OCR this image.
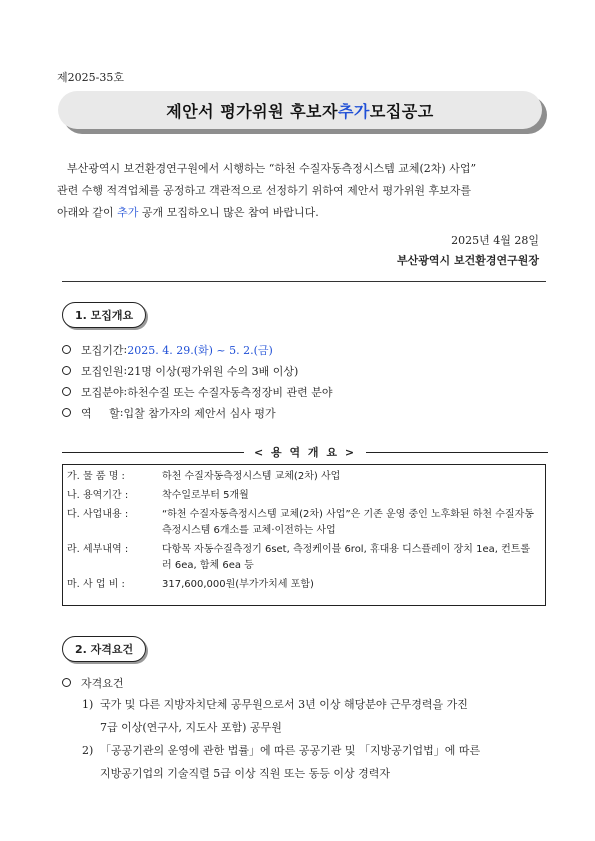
제2025-35호
제안서 평가위원 후보자 추가 모집공고
부산광역시 보건환경연구원에서 시행하는 “하천 수질자동측정시스템 교체(2차) 사업”
관련 수행 적격업체를 공정하고 객관적으로 선정하기 위하여 제안서 평가위원 후보자를
아래와 같이 추가 공개 모집하오니 많은 참여 바랍니다.
2025년 4월 28일
부산광역시 보건환경연구원장
1. 모집개요
모집기간 : 2025. 4. 29.(화) ~ 5. 2.(금)
모집인원 : 21명 이상(평가위원 수의 3배 이상)
모집분야 : 하천수질 또는 수질자동측정장비 관련 분야
역     할 : 입찰 참가자의 제안서 심사 평가
< 용 역 개 요 >
가. 물 품 명 :	하천 수질자동측정시스템 교체(2차) 사업
나. 용역기간 :	착수일로부터 5개월
다. 사업내용 :	“하천 수질자동측정시스템 교체(2차) 사업”은 기존 운영 중인 노후화된 하천 수질자동측정시스템 6개소를 교체·이전하는 사업
라. 세부내역 :	다항목 자동수질측정기 6set, 측정케이블 6rol, 휴대용 디스플레이 장치 1ea, 컨트롤러 6ea, 함체 6ea 등
마. 사 업 비 :	317,600,000원(부가가치세 포함)
2. 자격요건
자격요건
1) 국가 및 다른 지방자치단체 공무원으로서 3년 이상 해당분야 근무경력을 가진
7급 이상(연구사, 지도사 포함) 공무원
2) 「공공기관의 운영에 관한 법률」에 따른 공공기관 및 「지방공기업법」에 따른
지방공기업의 기술직렬 5급 이상 직원 또는 동등 이상 경력자
